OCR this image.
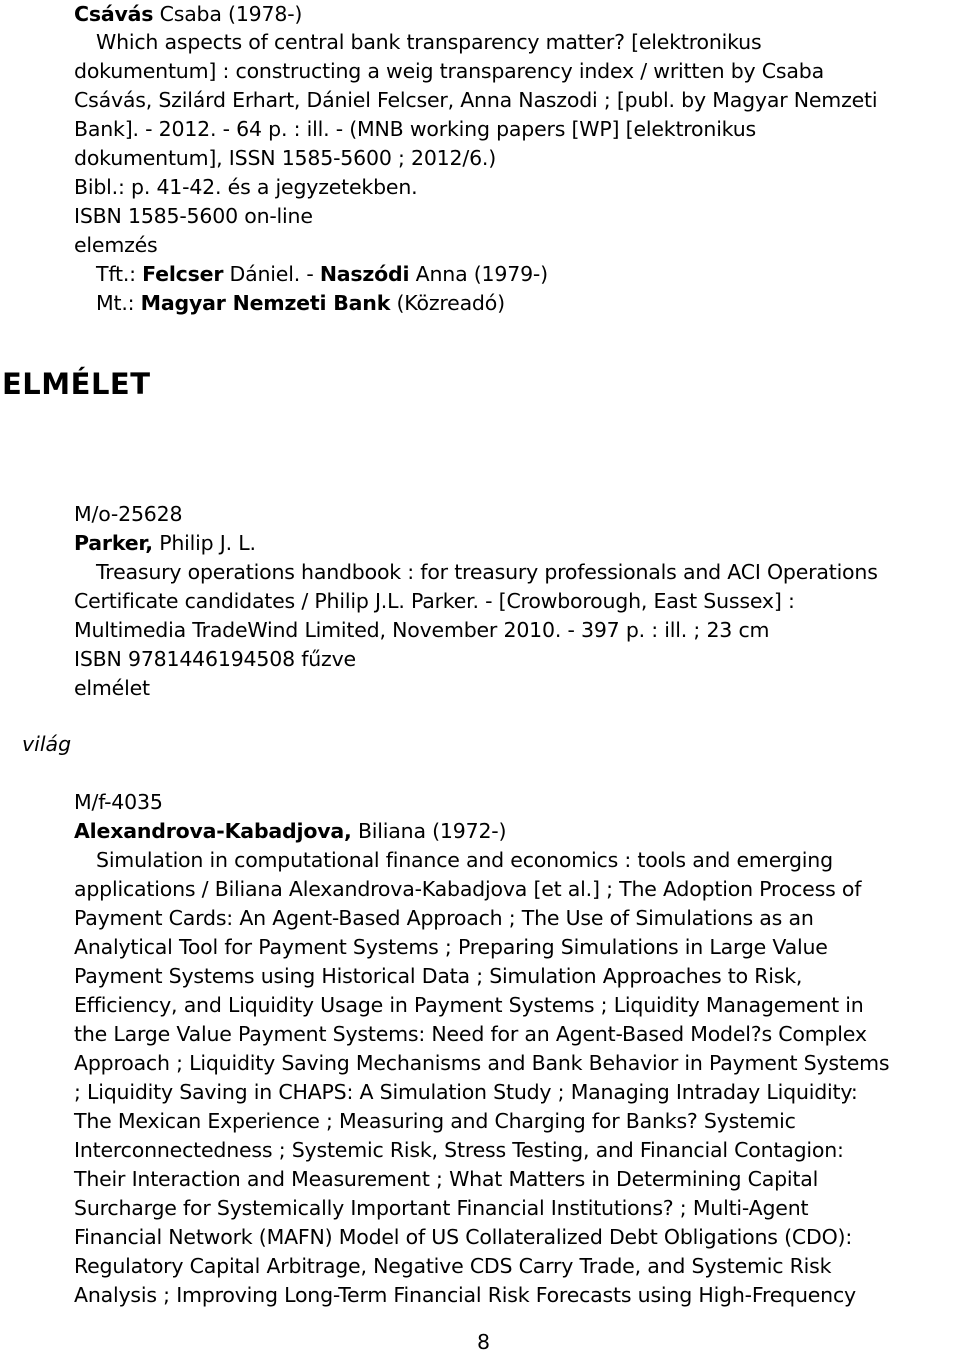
Csávás Csaba (1978-)
Which aspects of central bank transparency matter? [elektronikus
dokumentum] : constructing a weig transparency index / written by Csaba
Csávás, Szilárd Erhart, Dániel Felcser, Anna Naszodi ; [publ. by Magyar Nemzeti
Bank]. - 2012. - 64 p. : ill. - (MNB working papers [WP] [elektronikus
dokumentum], ISSN 1585-5600 ; 2012/6.)
Bibl.: p. 41-42. és a jegyzetekben.
ISBN 1585-5600 on-line
elemzés
Tft.: Felcser Dániel. - Naszódi Anna (1979-)
Mt.: Magyar Nemzeti Bank (Közreadó)
ELMÉLET
M/o-25628
Parker, Philip J. L.
Treasury operations handbook : for treasury professionals and ACI Operations
Certificate candidates / Philip J.L. Parker. - [Crowborough, East Sussex] :
Multimedia TradeWind Limited, November 2010. - 397 p. : ill. ; 23 cm
ISBN 9781446194508 fűzve
elmélet
világ
M/f-4035
Alexandrova-Kabadjova, Biliana (1972-)
Simulation in computational finance and economics : tools and emerging
applications / Biliana Alexandrova-Kabadjova [et al.] ; The Adoption Process of
Payment Cards: An Agent-Based Approach ; The Use of Simulations as an
Analytical Tool for Payment Systems ; Preparing Simulations in Large Value
Payment Systems using Historical Data ; Simulation Approaches to Risk,
Efficiency, and Liquidity Usage in Payment Systems ; Liquidity Management in
the Large Value Payment Systems: Need for an Agent-Based Model?s Complex
Approach ; Liquidity Saving Mechanisms and Bank Behavior in Payment Systems
; Liquidity Saving in CHAPS: A Simulation Study ; Managing Intraday Liquidity:
The Mexican Experience ; Measuring and Charging for Banks? Systemic
Interconnectedness ; Systemic Risk, Stress Testing, and Financial Contagion:
Their Interaction and Measurement ; What Matters in Determining Capital
Surcharge for Systemically Important Financial Institutions? ; Multi-Agent
Financial Network (MAFN) Model of US Collateralized Debt Obligations (CDO):
Regulatory Capital Arbitrage, Negative CDS Carry Trade, and Systemic Risk
Analysis ; Improving Long-Term Financial Risk Forecasts using High-Frequency
8
